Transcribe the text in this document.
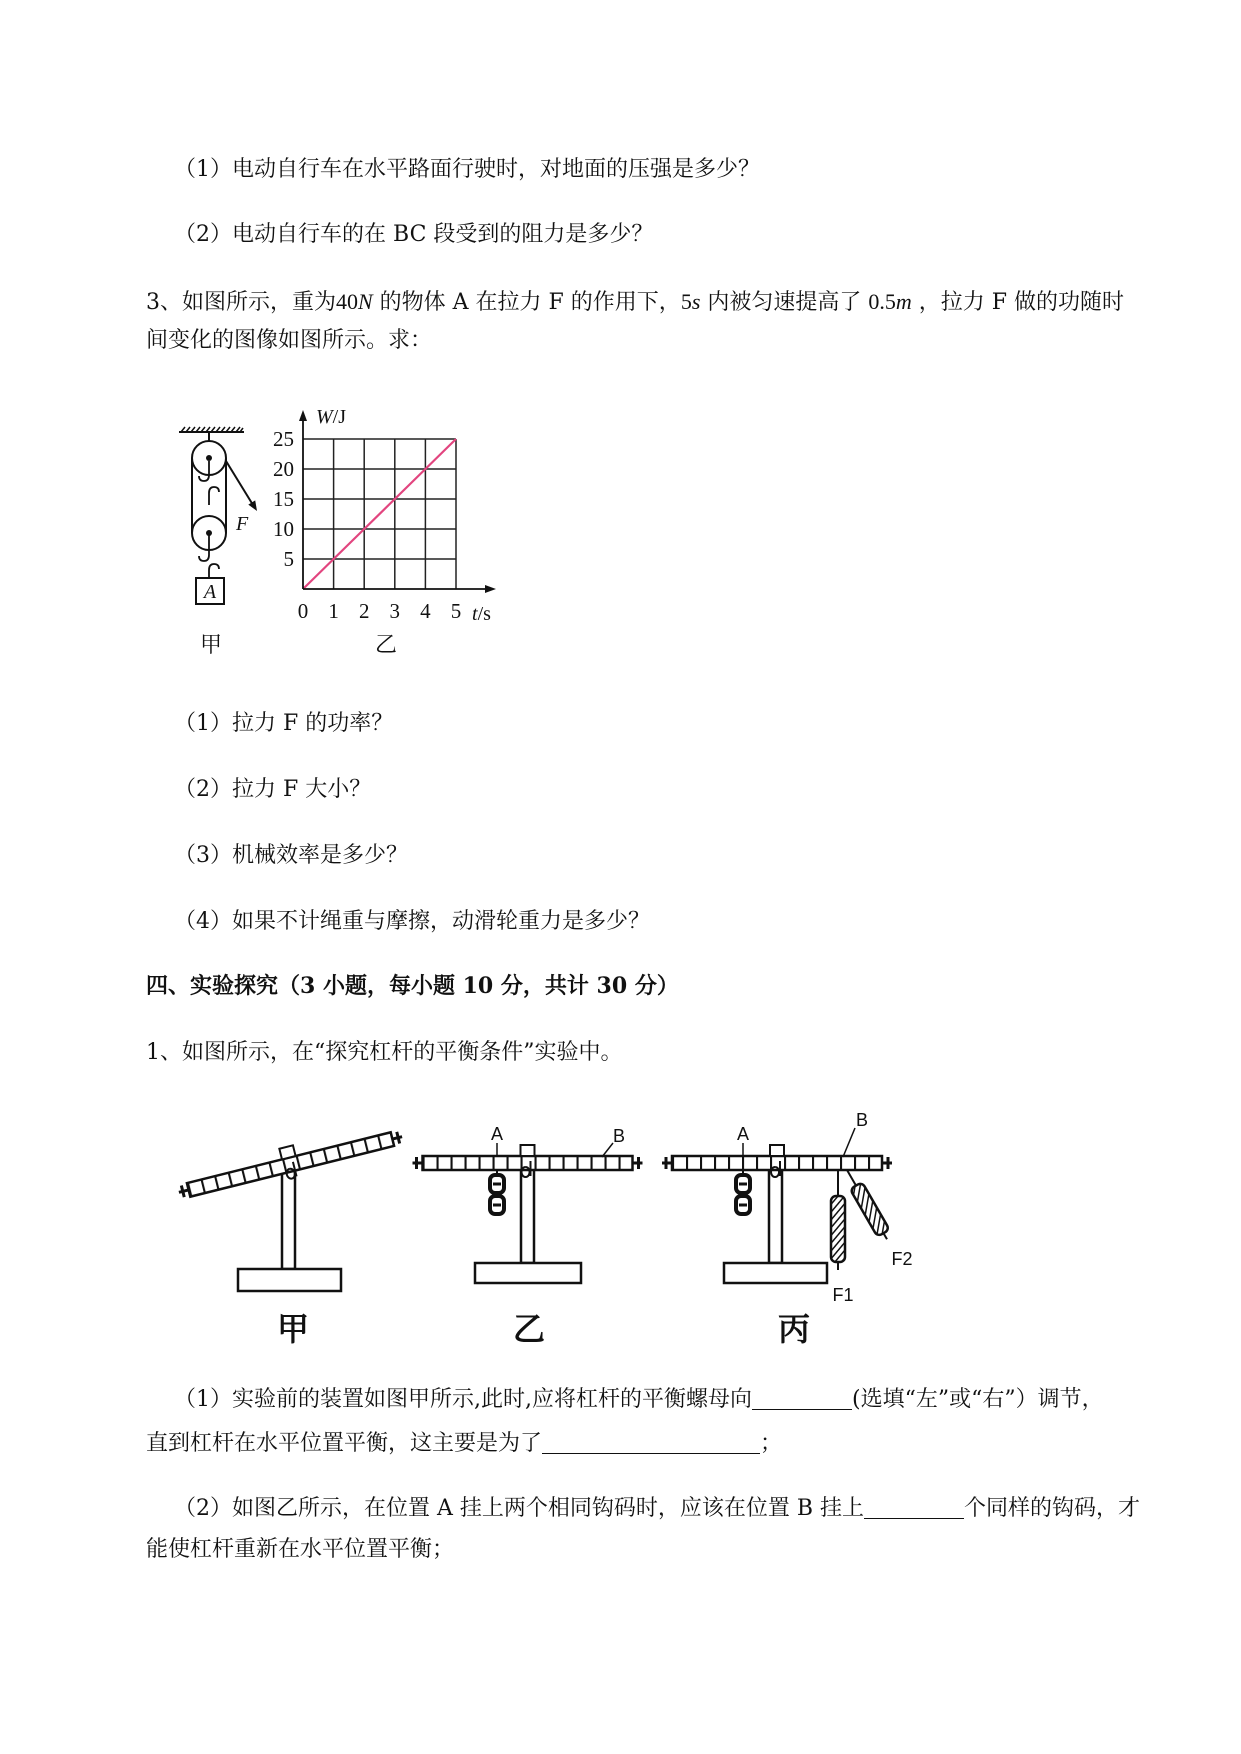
（1）电动自行车在水平路面行驶时，对地面的压强是多少？
（2）电动自行车的在 BC 段受到的阻力是多少？
3、如图所示，重为40N 的物体 A 在拉力 F 的作用下，5s 内被匀速提高了 0.5m ，拉力 F 做的功随时
间变化的图像如图所示。求：
F
A
甲
0 1 2 3 4 5
5
10
15
20
25
W/J
t/s
乙
（1）拉力 F 的功率？
（2）拉力 F 大小？
（3）机械效率是多少？
（4）如果不计绳重与摩擦，动滑轮重力是多少？
四、实验探究（3 小题，每小题 10 分，共计 30 分）
1、如图所示，在“探究杠杆的平衡条件”实验中。
甲
A	B
乙
A
B
F1
F2
丙
（1）实验前的装置如图甲所示,此时,应将杠杆的平衡螺母向	(选填“左”或“右”）调节，
直到杠杆在水平位置平衡，这主要是为了	；
（2）如图乙所示，在位置 A 挂上两个相同钩码时，应该在位置 B 挂上	个同样的钩码，才
能使杠杆重新在水平位置平衡；
